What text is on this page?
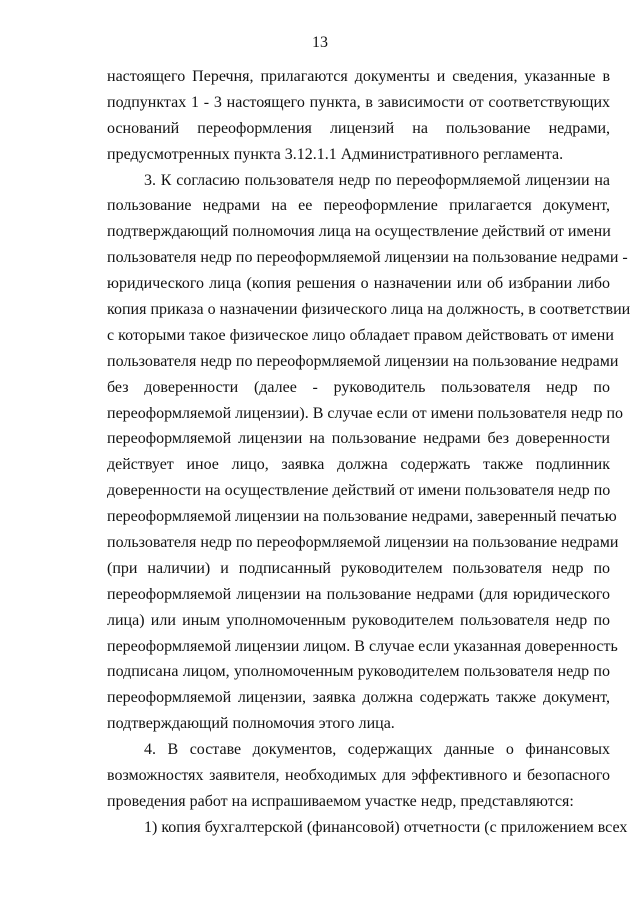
13
настоящего Перечня, прилагаются документы и сведения, указанные в
подпунктах 1 - 3 настоящего пункта, в зависимости от соответствующих
оснований переоформления лицензий на пользование недрами,
предусмотренных пункта 3.12.1.1 Административного регламента.
3. К согласию пользователя недр по переоформляемой лицензии на
пользование недрами на ее переоформление прилагается документ,
подтверждающий полномочия лица на осуществление действий от имени
пользователя недр по переоформляемой лицензии на пользование недрами -
юридического лица (копия решения о назначении или об избрании либо
копия приказа о назначении физического лица на должность, в соответствии
с которыми такое физическое лицо обладает правом действовать от имени
пользователя недр по переоформляемой лицензии на пользование недрами
без доверенности (далее - руководитель пользователя недр по
переоформляемой лицензии). В случае если от имени пользователя недр по
переоформляемой лицензии на пользование недрами без доверенности
действует иное лицо, заявка должна содержать также подлинник
доверенности на осуществление действий от имени пользователя недр по
переоформляемой лицензии на пользование недрами, заверенный печатью
пользователя недр по переоформляемой лицензии на пользование недрами
(при наличии) и подписанный руководителем пользователя недр по
переоформляемой лицензии на пользование недрами (для юридического
лица) или иным уполномоченным руководителем пользователя недр по
переоформляемой лицензии лицом. В случае если указанная доверенность
подписана лицом, уполномоченным руководителем пользователя недр по
переоформляемой лицензии, заявка должна содержать также документ,
подтверждающий полномочия этого лица.
4. В составе документов, содержащих данные о финансовых
возможностях заявителя, необходимых для эффективного и безопасного
проведения работ на испрашиваемом участке недр, представляются:
1) копия бухгалтерской (финансовой) отчетности (с приложением всех
